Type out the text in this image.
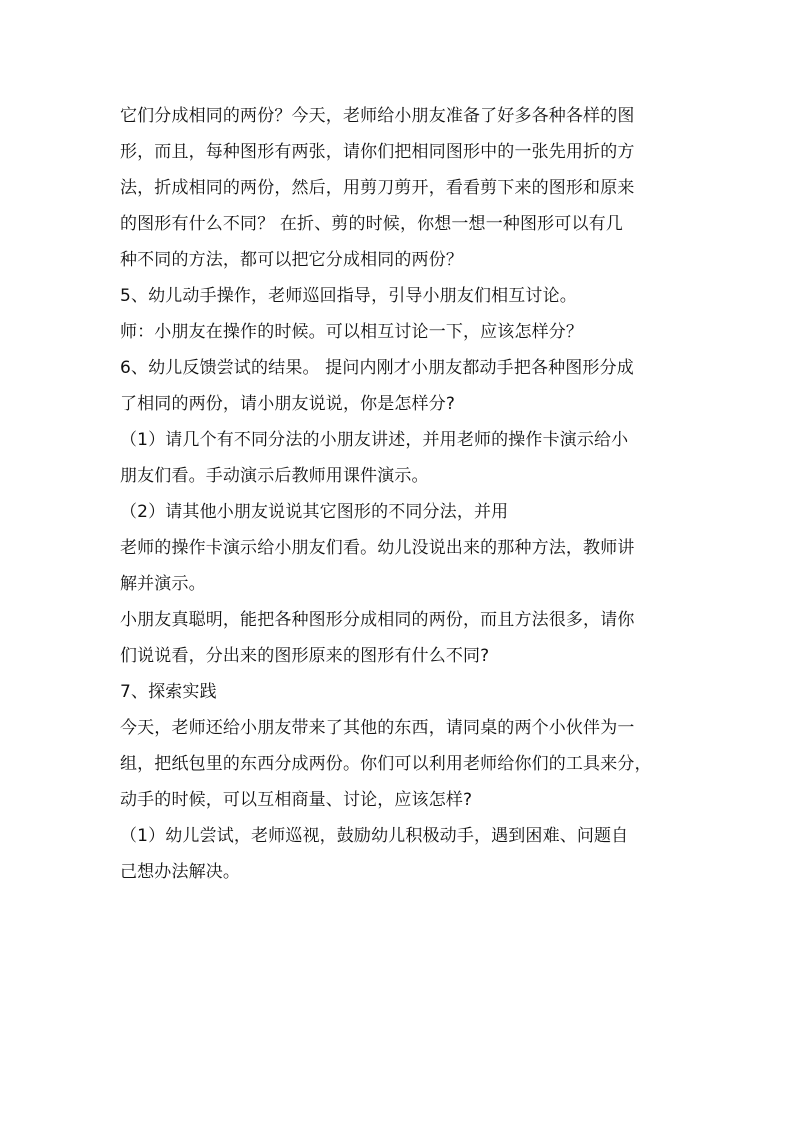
它们分成相同的两份？今天，老师给小朋友准备了好多各种各样的图
形，而且，每种图形有两张，请你们把相同图形中的一张先用折的方
法，折成相同的两份，然后，用剪刀剪开，看看剪下来的图形和原来
的图形有什么不同？ 在折、剪的时候，你想一想一种图形可以有几
种不同的方法，都可以把它分成相同的两份？
5、幼儿动手操作，老师巡回指导，引导小朋友们相互讨论。
师：小朋友在操作的时候。可以相互讨论一下，应该怎样分？
6、幼儿反馈尝试的结果。 提问内刚才小朋友都动手把各种图形分成
了相同的两份，请小朋友说说，你是怎样分?
（1）请几个有不同分法的小朋友讲述，并用老师的操作卡演示给小
朋友们看。手动演示后教师用课件演示。
（2）请其他小朋友说说其它图形的不同分法，并用
老师的操作卡演示给小朋友们看。幼儿没说出来的那种方法，教师讲
解并演示。
小朋友真聪明，能把各种图形分成相同的两份，而且方法很多，请你
们说说看，分出来的图形原来的图形有什么不同?
7、探索实践
今天，老师还给小朋友带来了其他的东西，请同桌的两个小伙伴为一
组，把纸包里的东西分成两份。你们可以利用老师给你们的工具来分，
动手的时候，可以互相商量、讨论，应该怎样?
（1）幼儿尝试，老师巡视，鼓励幼儿积极动手，遇到困难、问题自
己想办法解决。
